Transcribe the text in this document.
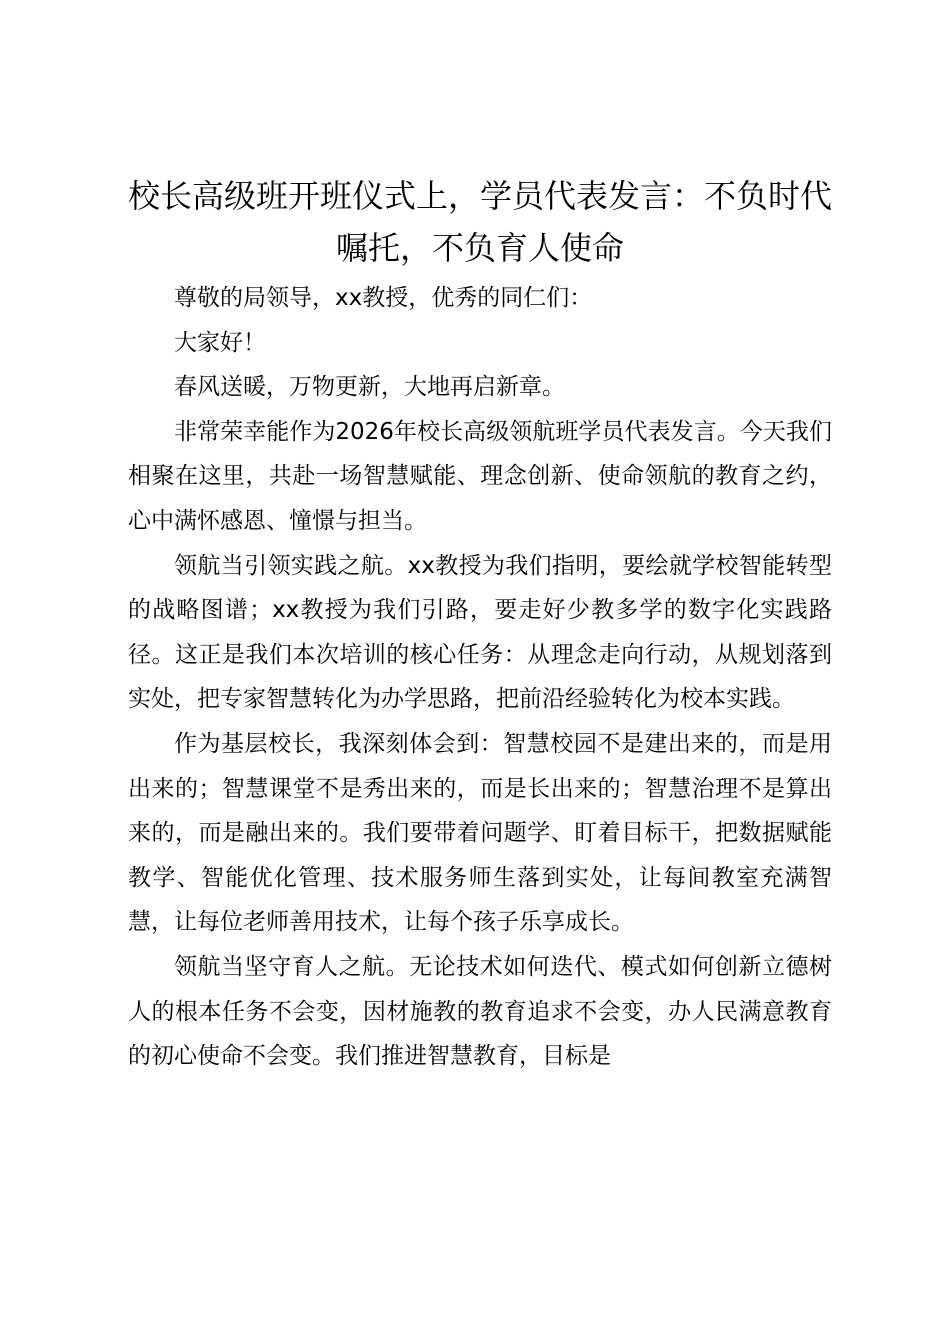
校长高级班开班仪式上，学员代表发言：不负时代嘱托，不负育人使命

尊敬的局领导，xx教授，优秀的同仁们：

大家好！

春风送暖，万物更新，大地再启新章。

非常荣幸能作为2026年校长高级领航班学员代表发言。今天我们相聚在这里，共赴一场智慧赋能、理念创新、使命领航的教育之约，心中满怀感恩、憧憬与担当。

领航当引领实践之航。xx教授为我们指明，要绘就学校智能转型的战略图谱；xx教授为我们引路，要走好少教多学的数字化实践路径。这正是我们本次培训的核心任务：从理念走向行动，从规划落到实处，把专家智慧转化为办学思路，把前沿经验转化为校本实践。

作为基层校长，我深刻体会到：智慧校园不是建出来的，而是用出来的；智慧课堂不是秀出来的，而是长出来的；智慧治理不是算出来的，而是融出来的。我们要带着问题学、盯着目标干，把数据赋能教学、智能优化管理、技术服务师生落到实处，让每间教室充满智慧，让每位老师善用技术，让每个孩子乐享成长。

领航当坚守育人之航。无论技术如何迭代、模式如何创新立德树人的根本任务不会变，因材施教的教育追求不会变，办人民满意教育的初心使命不会变。我们推进智慧教育，目标是
